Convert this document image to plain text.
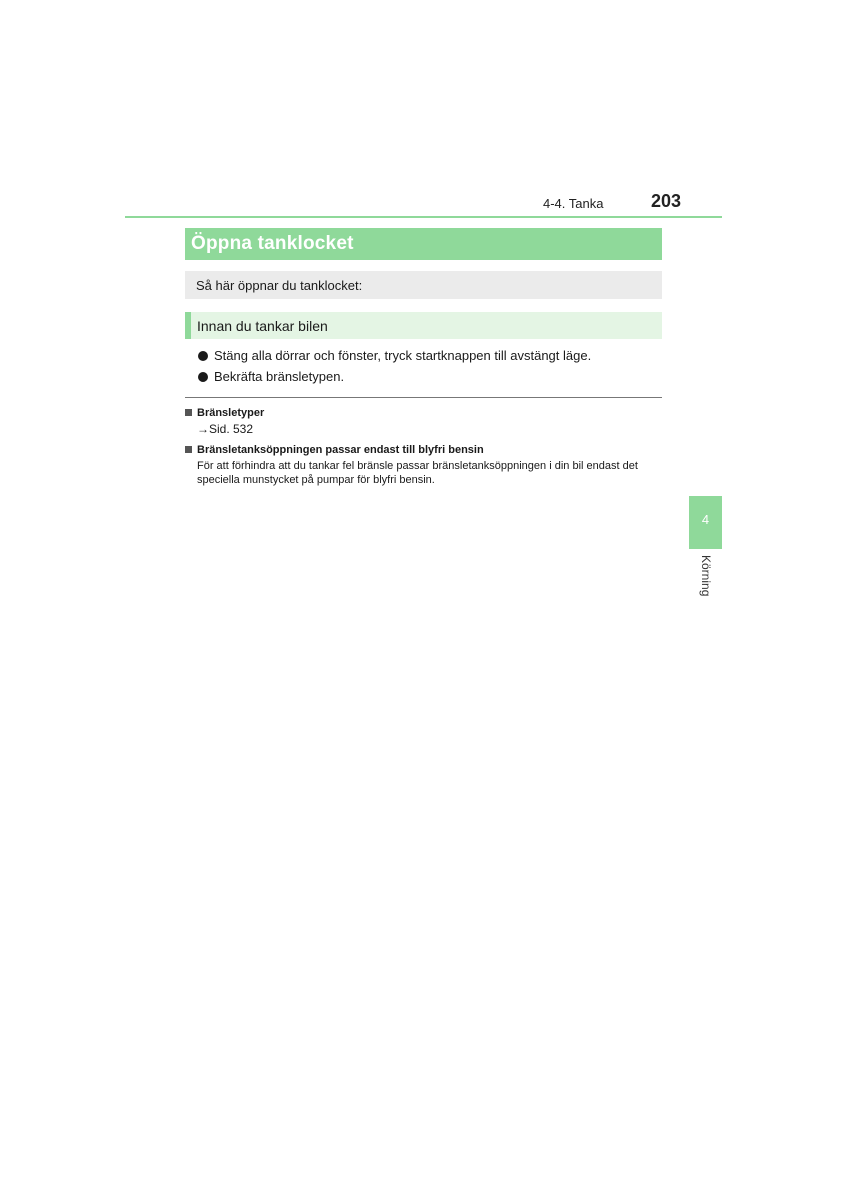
4-4. Tanka	203
Öppna tanklocket
Så här öppnar du tanklocket:
Innan du tankar bilen
Stäng alla dörrar och fönster, tryck startknappen till avstängt läge.
Bekräfta bränsletypen.
Bränsletyper
→Sid. 532
Bränsletanksöppningen passar endast till blyfri bensin
För att förhindra att du tankar fel bränsle passar bränsletanksöppningen i din bil endast det speciella munstycket på pumpar för blyfri bensin.
4
Körning
